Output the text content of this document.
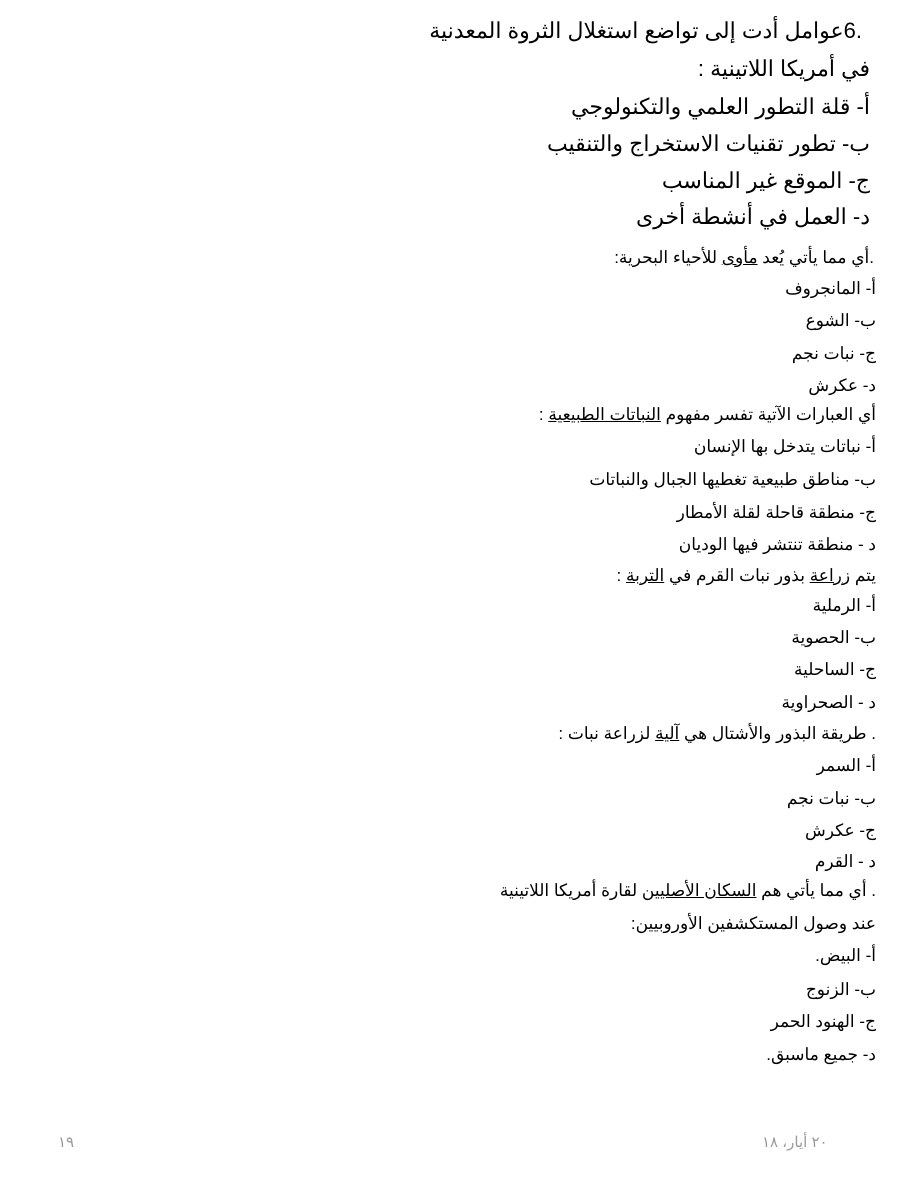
.6عوامل أدت إلى تواضع استغلال الثروة المعدنية

في أمريكا اللاتينية :

أ- قلة التطور العلمي والتكنولوجي

ب- تطور تقنيات الاستخراج والتنقيب

ج- الموقع غير المناسب

د- العمل في أنشطة أخرى

.أي مما يأتي يُعد مأوى للأحياء البحرية:

أ- المانجروف

ب- الشوع

ج- نبات نجم

د- عكرش

أي العبارات الآتية تفسر مفهوم النباتات الطبيعية :

أ- نباتات يتدخل بها الإنسان

ب- مناطق طبيعية تغطيها الجبال والنباتات

ج- منطقة قاحلة لقلة الأمطار

د - منطقة تنتشر فيها الوديان

يتم زراعة بذور نبات القرم في التربة :

أ- الرملية

ب- الحصوية

ج- الساحلية

د - الصحراوية

. طريقة البذور والأشتال هي آلية لزراعة نبات :

أ- السمر

ب- نبات نجم

ج- عكرش

د - القرم

. أي مما يأتي هم السكان الأصليين لقارة أمريكا اللاتينية

عند وصول المستكشفين الأوروبيين:

أ- البيض.

ب- الزنوج

ج- الهنود الحمر

د- جميع ماسبق.

١٩	٢٠ أيار، ١٨
